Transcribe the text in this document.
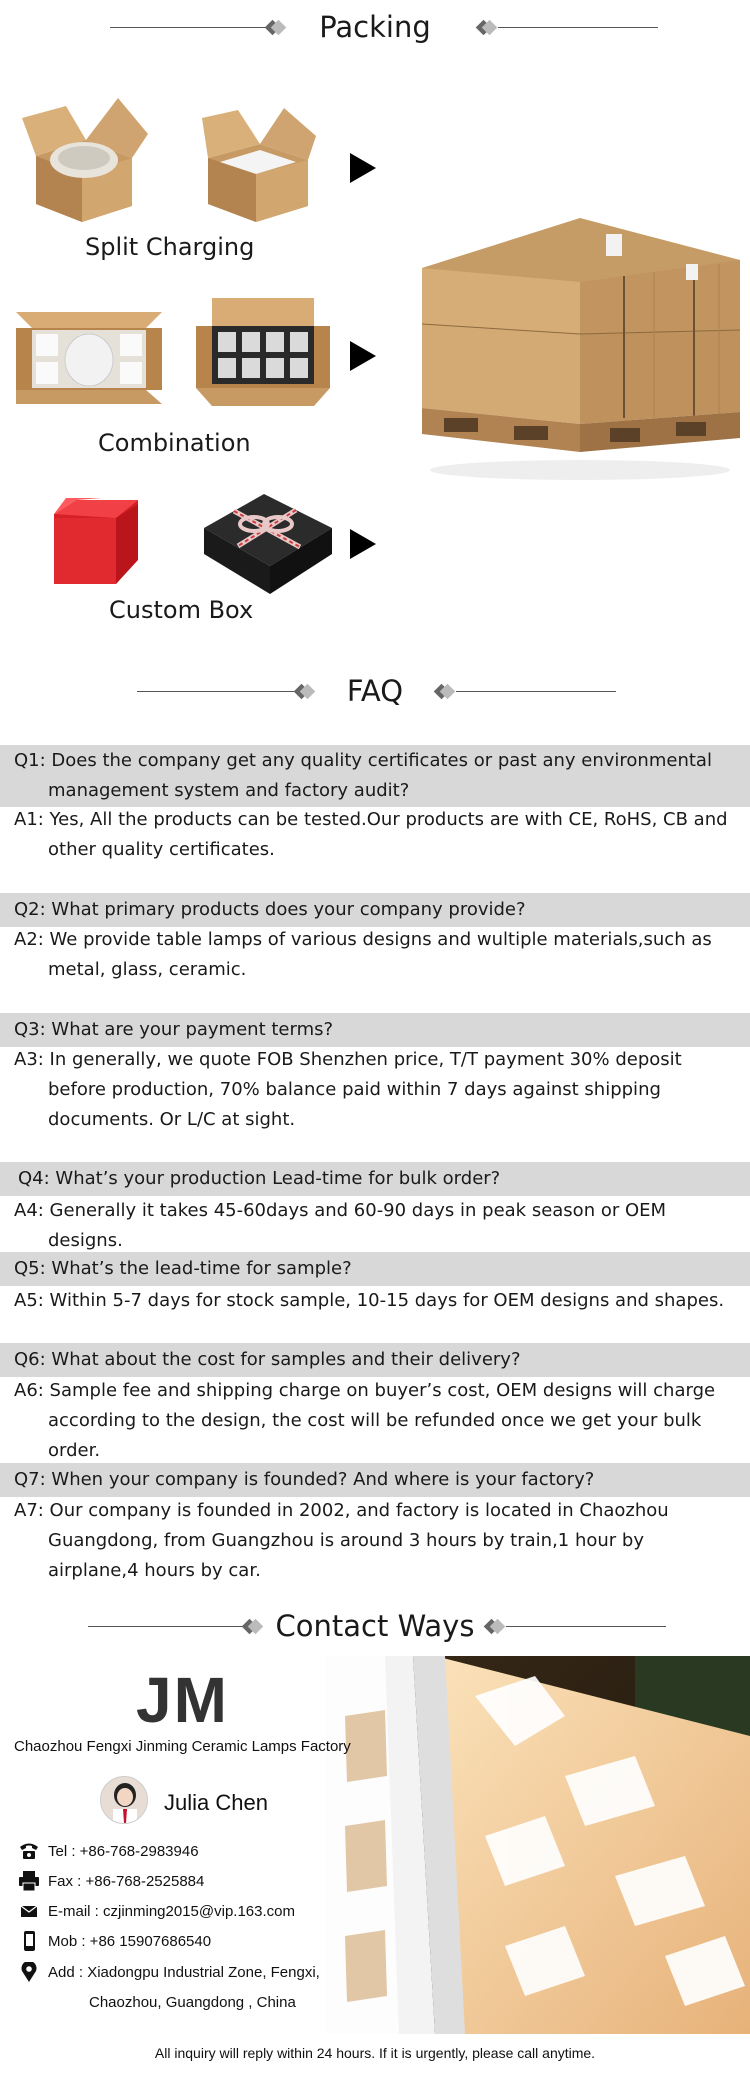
Packing
Split Charging
Combination
Custom Box
FAQ
Q1: Does the company get any quality certificates or past any environmental management system and factory audit?
A1: Yes, All the products can be tested.Our products are with CE, RoHS, CB and other quality certificates.
Q2: What primary products does your company provide?
A2: We provide table lamps of various designs and wultiple materials,such as metal, glass, ceramic.
Q3: What are your payment terms?
A3: In generally, we quote FOB Shenzhen price, T/T payment 30% deposit before production, 70% balance paid within 7 days against shipping documents. Or L/C at sight.
Q4: What’s your production Lead-time for bulk order?
A4: Generally it takes 45-60days and 60-90 days in peak season or OEM designs.
Q5: What’s the lead-time for sample?
A5: Within 5-7 days for stock sample, 10-15 days for OEM designs and shapes.
Q6: What about the cost for samples and their delivery?
A6: Sample fee and shipping charge on buyer’s cost, OEM designs will charge according to the design, the cost will be refunded once we get your bulk order.
Q7: When your company is founded? And where is your factory?
A7: Our company is founded in 2002, and factory is located in Chaozhou Guangdong, from Guangzhou is around 3 hours by train,1 hour by airplane,4 hours by car.
Contact Ways
JM
Chaozhou Fengxi Jinming Ceramic Lamps Factory
Julia Chen
Tel : +86-768-2983946
Fax : +86-768-2525884
E-mail : czjinming2015@vip.163.com
Mob : +86 15907686540
Add : Xiadongpu Industrial Zone, Fengxi,
Chaozhou, Guangdong , China
All inquiry will reply within 24 hours. If it is urgently, please call anytime.
